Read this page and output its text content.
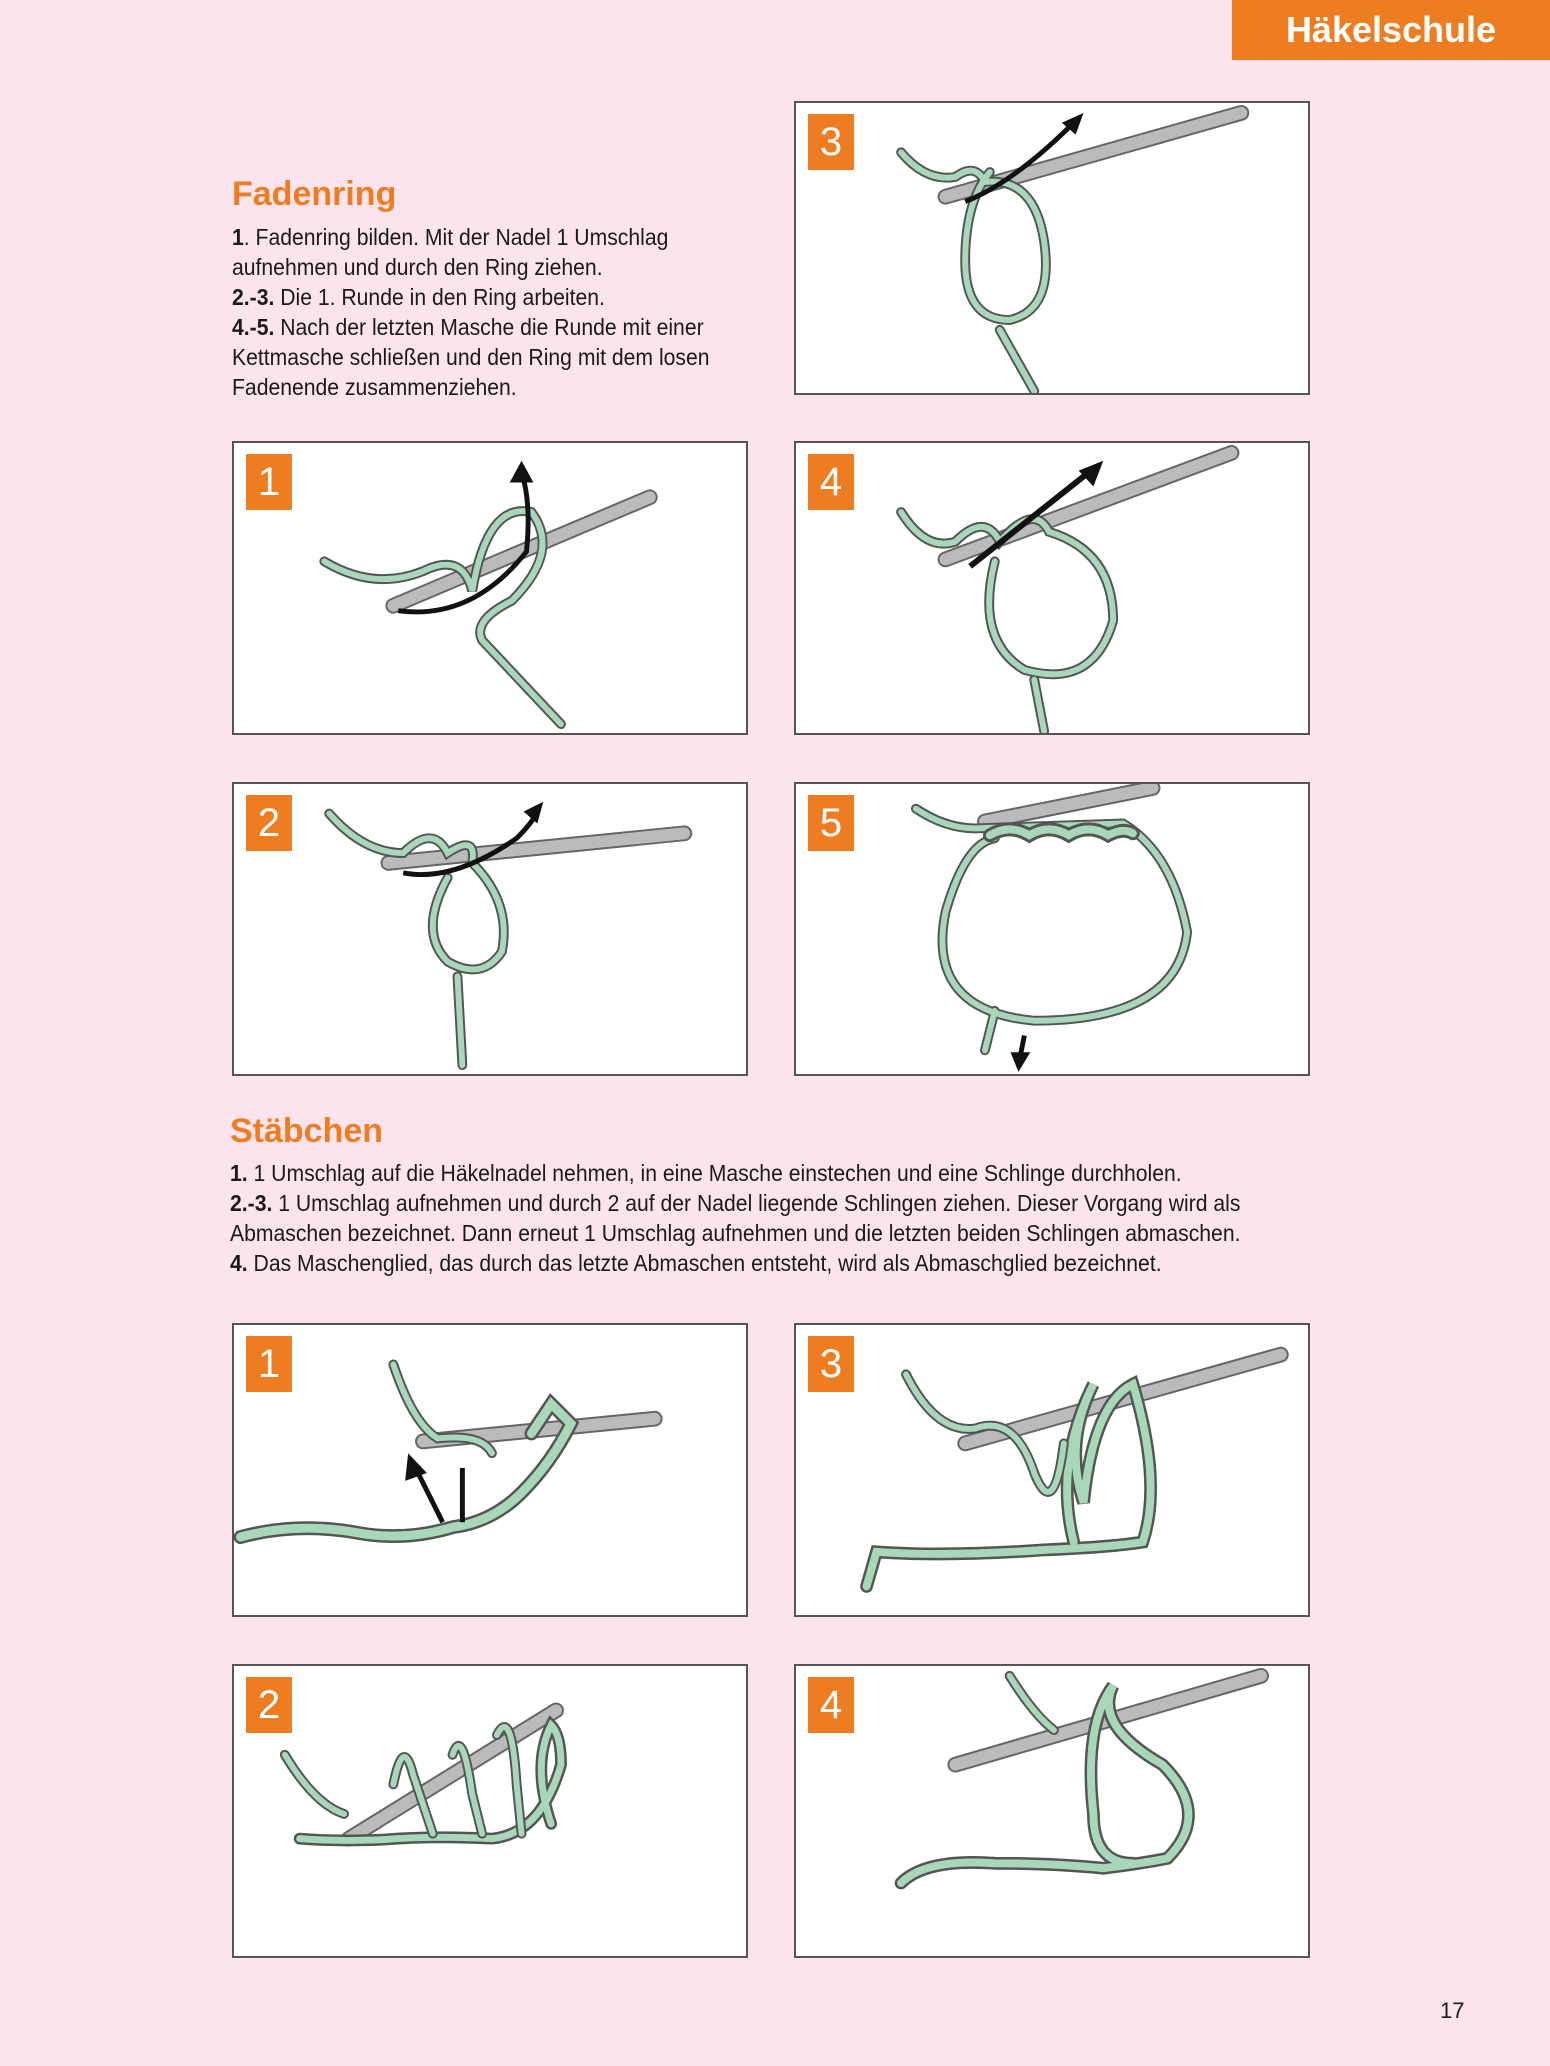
Häkelschule
Fadenring

1. Fadenring bilden. Mit der Nadel 1 Umschlag aufnehmen und durch den Ring ziehen.

2.-3. Die 1. Runde in den Ring arbeiten.

4.-5. Nach der letzten Masche die Runde mit einer Kettmasche schließen und den Ring mit dem losen Fadenende zusammenziehen.

3
1	4
2	5
Stäbchen

1. 1 Umschlag auf die Häkelnadel nehmen, in eine Masche einstechen und eine Schlinge durchholen.

2.-3. 1 Umschlag aufnehmen und durch 2 auf der Nadel liegende Schlingen ziehen. Dieser Vorgang wird als Abmaschen bezeichnet. Dann erneut 1 Umschlag aufnehmen und die letzten beiden Schlingen abmaschen.

4. Das Maschenglied, das durch das letzte Abmaschen entsteht, wird als Abmaschglied bezeichnet.

1	3
2	4
17
